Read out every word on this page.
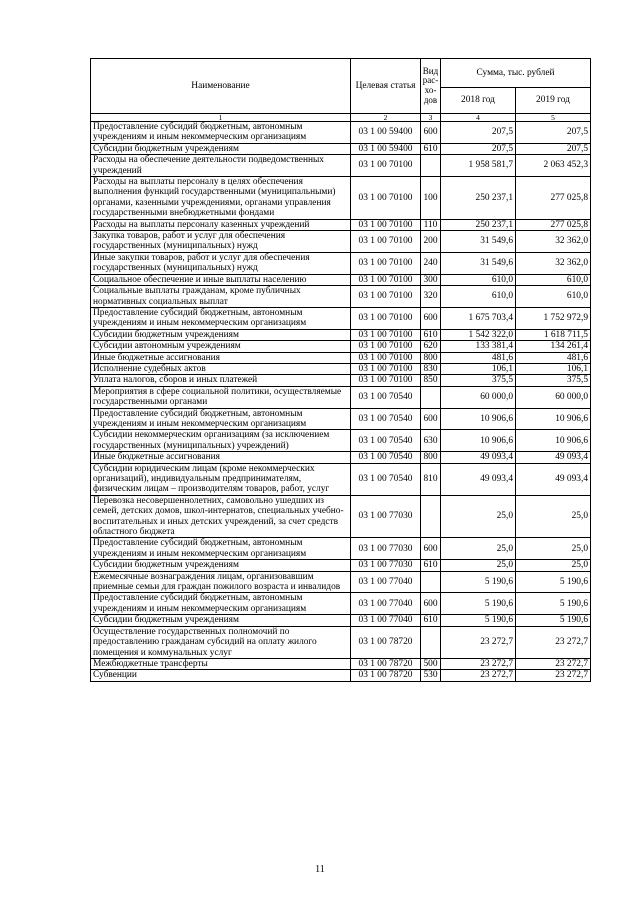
Наименование	Целевая статья	Вид
рас-
хо-
дов	Сумма, тыс. рублей	
			2018 год	2019 год
1	2	3	4	5
Предоставление субсидий бюджетным, автономным учреждениям и иным некоммерческим организациям	03 1 00 59400	600	207,5	207,5
Субсидии бюджетным учреждениям	03 1 00 59400	610	207,5	207,5
Расходы на обеспечение деятельности подведомственных учреждений	03 1 00 70100		1 958 581,7	2 063 452,3
Расходы на выплаты персоналу в целях обеспечения выполнения функций государственными (муниципальными) органами, казенными учреждениями, органами управления государственными внебюджетными фондами	03 1 00 70100	100	250 237,1	277 025,8
Расходы на выплаты персоналу казенных учреждений	03 1 00 70100	110	250 237,1	277 025,8
Закупка товаров, работ и услуг для обеспечения государственных (муниципальных) нужд	03 1 00 70100	200	31 549,6	32 362,0
Иные закупки товаров, работ и услуг для обеспечения государственных (муниципальных) нужд	03 1 00 70100	240	31 549,6	32 362,0
Социальное обеспечение и иные выплаты населению	03 1 00 70100	300	610,0	610,0
Социальные выплаты гражданам, кроме публичных нормативных социальных выплат	03 1 00 70100	320	610,0	610,0
Предоставление субсидий бюджетным, автономным учреждениям и иным некоммерческим организациям	03 1 00 70100	600	1 675 703,4	1 752 972,9
Субсидии бюджетным учреждениям	03 1 00 70100	610	1 542 322,0	1 618 711,5
Субсидии автономным учреждениям	03 1 00 70100	620	133 381,4	134 261,4
Иные бюджетные ассигнования	03 1 00 70100	800	481,6	481,6
Исполнение судебных актов	03 1 00 70100	830	106,1	106,1
Уплата налогов, сборов и иных платежей	03 1 00 70100	850	375,5	375,5
Мероприятия в сфере социальной политики, осуществляемые государственными органами	03 1 00 70540		60 000,0	60 000,0
Предоставление субсидий бюджетным, автономным учреждениям и иным некоммерческим организациям	03 1 00 70540	600	10 906,6	10 906,6
Субсидии некоммерческим организациям (за исключением государственных (муниципальных) учреждений)	03 1 00 70540	630	10 906,6	10 906,6
Иные бюджетные ассигнования	03 1 00 70540	800	49 093,4	49 093,4
Субсидии юридическим лицам (кроме некоммерческих организаций), индивидуальным предпринимателям, физическим лицам – производителям товаров, работ, услуг	03 1 00 70540	810	49 093,4	49 093,4
Перевозка несовершеннолетних, самовольно ушедших из семей, детских домов, школ-интернатов, специальных учебно-воспитательных и иных детских учреждений, за счет средств областного бюджета	03 1 00 77030		25,0	25,0
Предоставление субсидий бюджетным, автономным учреждениям и иным некоммерческим организациям	03 1 00 77030	600	25,0	25,0
Субсидии бюджетным учреждениям	03 1 00 77030	610	25,0	25,0
Ежемесячные вознаграждения лицам, организовавшим приемные семьи для граждан пожилого возраста и инвалидов	03 1 00 77040		5 190,6	5 190,6
Предоставление субсидий бюджетным, автономным учреждениям и иным некоммерческим организациям	03 1 00 77040	600	5 190,6	5 190,6
Субсидии бюджетным учреждениям	03 1 00 77040	610	5 190,6	5 190,6
Осуществление государственных полномочий по предоставлению гражданам субсидий на оплату жилого помещения и коммунальных услуг	03 1 00 78720		23 272,7	23 272,7
Межбюджетные трансферты	03 1 00 78720	500	23 272,7	23 272,7
Субвенции	03 1 00 78720	530	23 272,7	23 272,7
11
